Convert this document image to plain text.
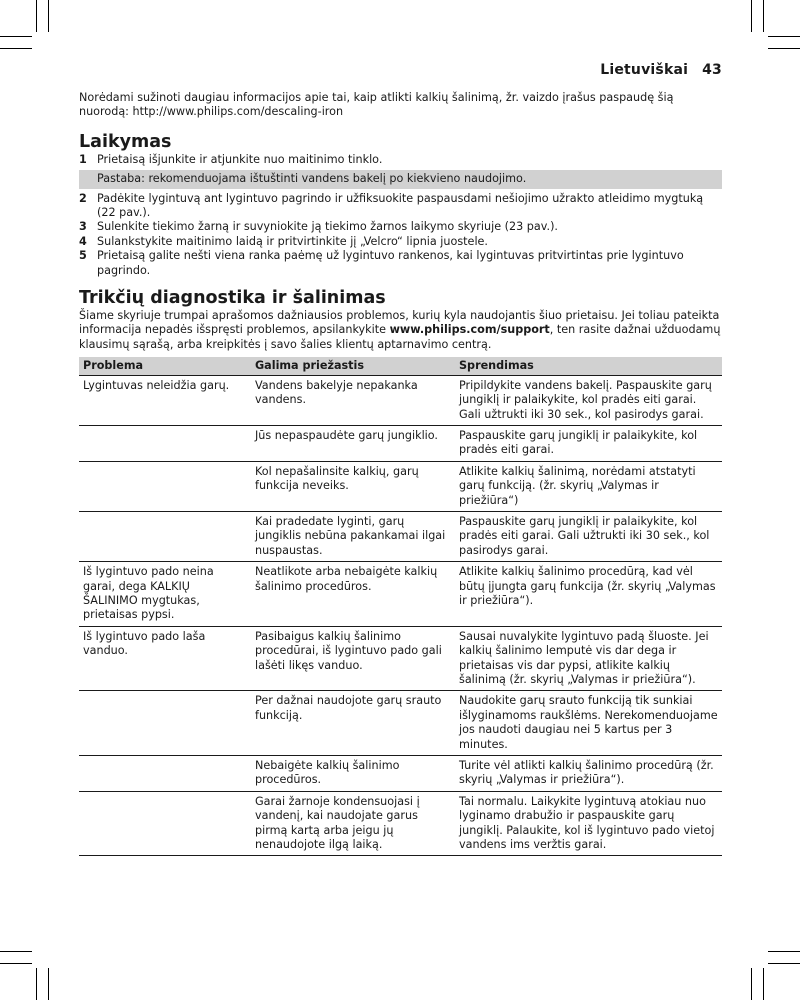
Lietuviškai 43

Norėdami sužinoti daugiau informacijos apie tai, kaip atlikti kalkių šalinimą, žr. vaizdo įrašus paspaudę šią nuorodą: http://www.philips.com/descaling-iron

Laikymas
1 Prietaisą išjunkite ir atjunkite nuo maitinimo tinklo.
Pastaba: rekomenduojama ištuštinti vandens bakelį po kiekvieno naudojimo.
2 Padėkite lygintuvą ant lygintuvo pagrindo ir užfiksuokite paspausdami nešiojimo užrakto atleidimo mygtuką (22 pav.).
3 Sulenkite tiekimo žarną ir suvyniokite ją tiekimo žarnos laikymo skyriuje (23 pav.).
4 Sulankstykite maitinimo laidą ir pritvirtinkite jį „Velcro“ lipnia juostele.
5 Prietaisą galite nešti viena ranka paėmę už lygintuvo rankenos, kai lygintuvas pritvirtintas prie lygintuvo pagrindo.
Trikčių diagnostika ir šalinimas

Šiame skyriuje trumpai aprašomos dažniausios problemos, kurių kyla naudojantis šiuo prietaisu. Jei toliau pateikta informacija nepadės išspręsti problemos, apsilankykite www.philips.com/support, ten rasite dažnai užduodamų klausimų sąrašą, arba kreipkitės į savo šalies klientų aptarnavimo centrą.

Problema	Galima priežastis	Sprendimas
Lygintuvas neleidžia garų.	Vandens bakelyje nepakanka vandens.	Pripildykite vandens bakelį. Paspauskite garų jungiklį ir palaikykite, kol pradės eiti garai. Gali užtrukti iki 30 sek., kol pasirodys garai.
	Jūs nepaspaudėte garų jungiklio.	Paspauskite garų jungiklį ir palaikykite, kol pradės eiti garai.
	Kol nepašalinsite kalkių, garų funkcija neveiks.	Atlikite kalkių šalinimą, norėdami atstatyti garų funkciją. (žr. skyrių „Valymas ir priežiūra“)
	Kai pradedate lyginti, garų jungiklis nebūna pakankamai ilgai nuspaustas.	Paspauskite garų jungiklį ir palaikykite, kol pradės eiti garai. Gali užtrukti iki 30 sek., kol pasirodys garai.
Iš lygintuvo pado neina garai, dega KALKIŲ ŠALINIMO mygtukas, prietaisas pypsi.	Neatlikote arba nebaigėte kalkių šalinimo procedūros.	Atlikite kalkių šalinimo procedūrą, kad vėl būtų įjungta garų funkcija (žr. skyrių „Valymas ir priežiūra“).
Iš lygintuvo pado laša vanduo.	Pasibaigus kalkių šalinimo procedūrai, iš lygintuvo pado gali lašėti likęs vanduo.	Sausai nuvalykite lygintuvo padą šluoste. Jei kalkių šalinimo lemputė vis dar dega ir prietaisas vis dar pypsi, atlikite kalkių šalinimą (žr. skyrių „Valymas ir priežiūra“).
	Per dažnai naudojote garų srauto funkciją.	Naudokite garų srauto funkciją tik sunkiai išlyginamoms raukšlėms. Nerekomenduojame jos naudoti daugiau nei 5 kartus per 3 minutes.
	Nebaigėte kalkių šalinimo procedūros.	Turite vėl atlikti kalkių šalinimo procedūrą (žr. skyrių „Valymas ir priežiūra“).
	Garai žarnoje kondensuojasi į vandenį, kai naudojate garus pirmą kartą arba jeigu jų nenaudojote ilgą laiką.	Tai normalu. Laikykite lygintuvą atokiau nuo lyginamo drabužio ir paspauskite garų jungiklį. Palaukite, kol iš lygintuvo pado vietoj vandens ims veržtis garai.
